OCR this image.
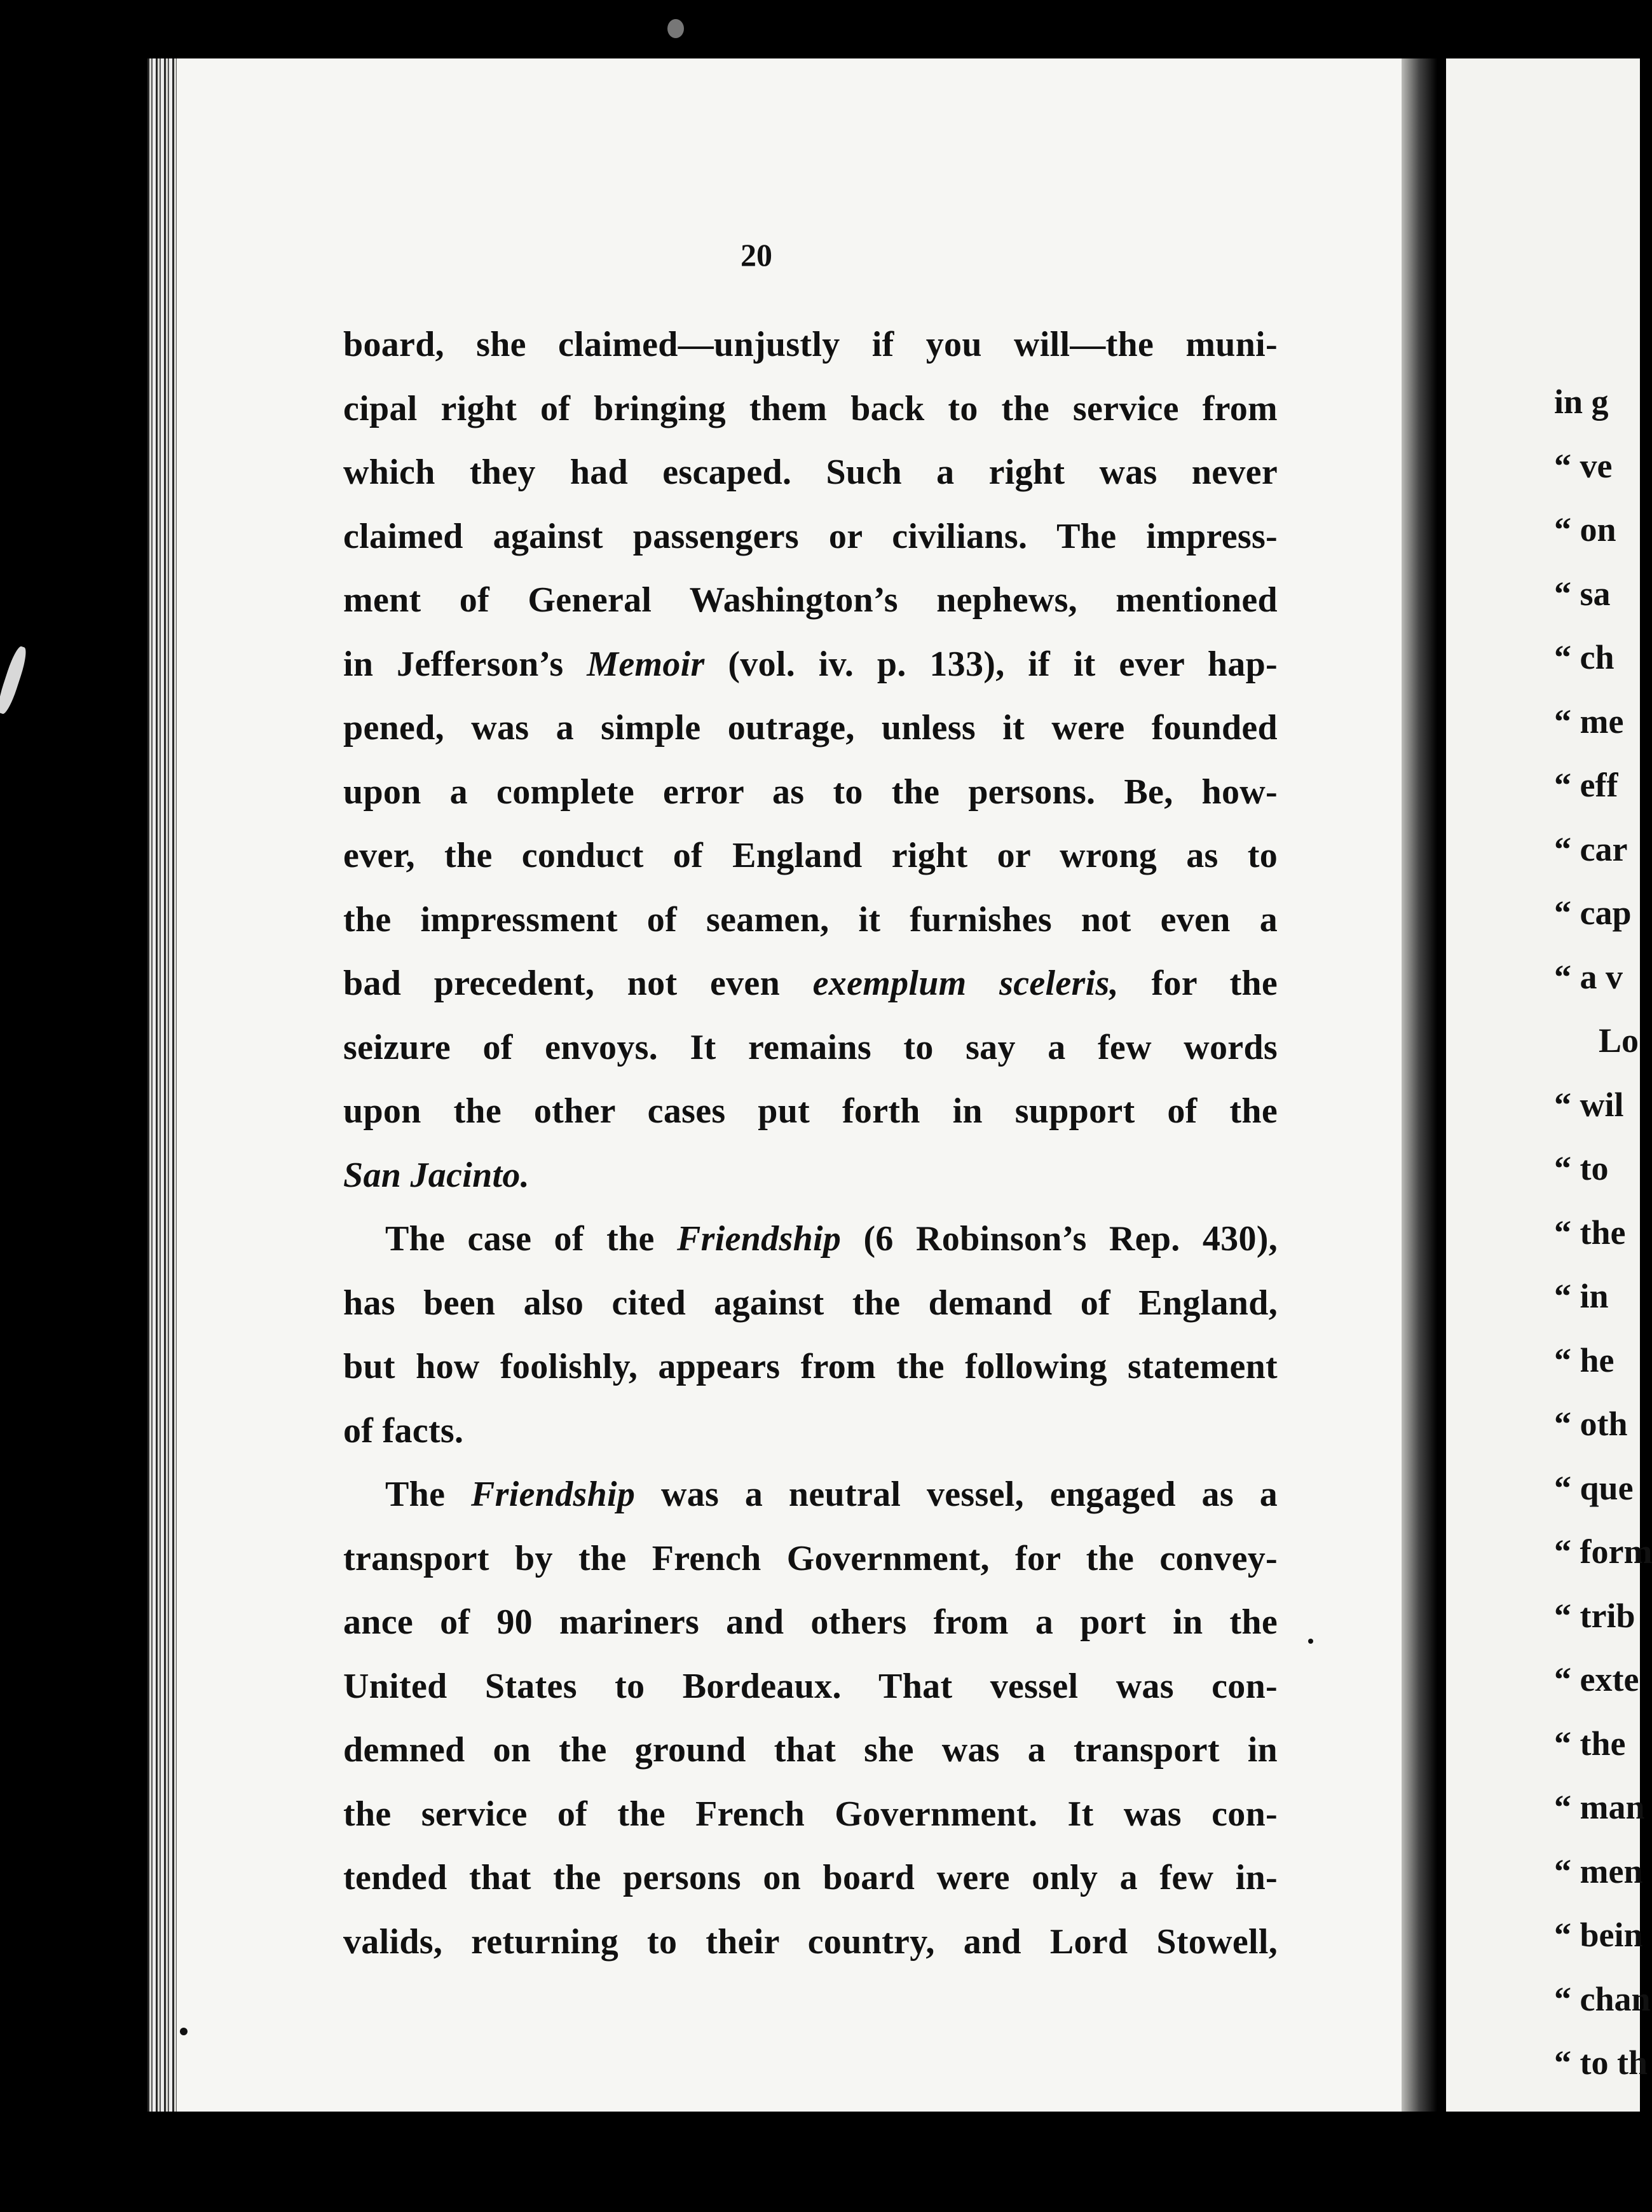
20
board, she claimed—unjustly if you will—the muni-
cipal right of bringing them back to the service from
which they had escaped. Such a right was never
claimed against passengers or civilians. The impress-
ment of General Washington’s nephews, mentioned
in Jefferson’s Memoir (vol. iv. p. 133), if it ever hap-
pened, was a simple outrage, unless it were founded
upon a complete error as to the persons. Be, how-
ever, the conduct of England right or wrong as to
the impressment of seamen, it furnishes not even a
bad precedent, not even exemplum sceleris, for the
seizure of envoys. It remains to say a few words
upon the other cases put forth in support of the
San Jacinto.
The case of the Friendship (6 Robinson’s Rep. 430),
has been also cited against the demand of England,
but how foolishly, appears from the following statement
of facts.
The Friendship was a neutral vessel, engaged as a
transport by the French Government, for the convey-
ance of 90 mariners and others from a port in the
United States to Bordeaux. That vessel was con-
demned on the ground that she was a transport in
the service of the French Government. It was con-
tended that the persons on board were only a few in-
valids, returning to their country, and Lord Stowell,
in g
“ ve
“ on
“ sa
“ ch
“ me
“ eff
“ car
“ cap
“ a v
Lo
“ wil
“ to
“ the
“ in
“ he
“ oth
“ que
“ form
“ trib
“ exte
“ the
“ man
“ men
“ bein
“ chan
“ to th
